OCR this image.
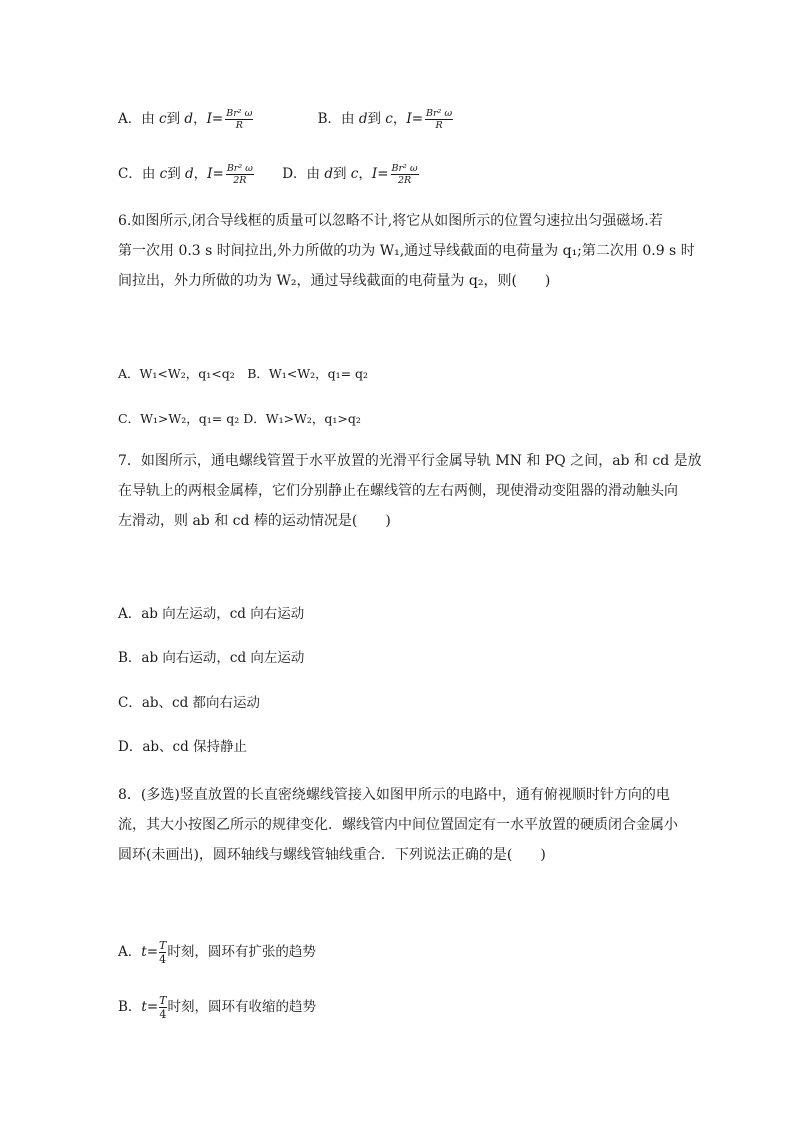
A．由 c到 d，$I= \frac{\text{Br² ω}}{R}$	B．由 d到 c，$I= \frac{\text{Br² ω}}{R}$
C．由 c到 d，$I= \frac{\text{Br² ω}}{2R}$ D．由 d到 c，$I= \frac{\text{Br² ω}}{2R}$
6.如图所示,闭合导线框的质量可以忽略不计,将它从如图所示的位置匀速拉出匀强磁场.若
第一次用 0.3 s 时间拉出,外力所做的功为 W₁,通过导线截面的电荷量为 q₁;第二次用 0.9 s 时
间拉出，外力所做的功为 W₂，通过导线截面的电荷量为 q₂，则(　　)
A．W₁<W₂，q₁<q₂　B．W₁<W₂，q₁= q₂
C．W₁>W₂，q₁= q₂ D．W₁>W₂，q₁>q₂
7．如图所示，通电螺线管置于水平放置的光滑平行金属导轨 MN 和 PQ 之间，ab 和 cd 是放
在导轨上的两根金属棒，它们分别静止在螺线管的左右两侧，现使滑动变阻器的滑动触头向
左滑动，则 ab 和 cd 棒的运动情况是(　　)
A．ab 向左运动，cd 向右运动
B．ab 向右运动，cd 向左运动
C．ab、cd 都向右运动
D．ab、cd 保持静止
8．(多选)竖直放置的长直密绕螺线管接入如图甲所示的电路中，通有俯视顺时针方向的电
流，其大小按图乙所示的规律变化．螺线管内中间位置固定有一水平放置的硬质闭合金属小
圆环(未画出)，圆环轴线与螺线管轴线重合．下列说法正确的是(　　)
A．$t= \frac{T}{4}$ 时刻，圆环有扩张的趋势
B．$t= \frac{T}{4}$ 时刻，圆环有收缩的趋势
